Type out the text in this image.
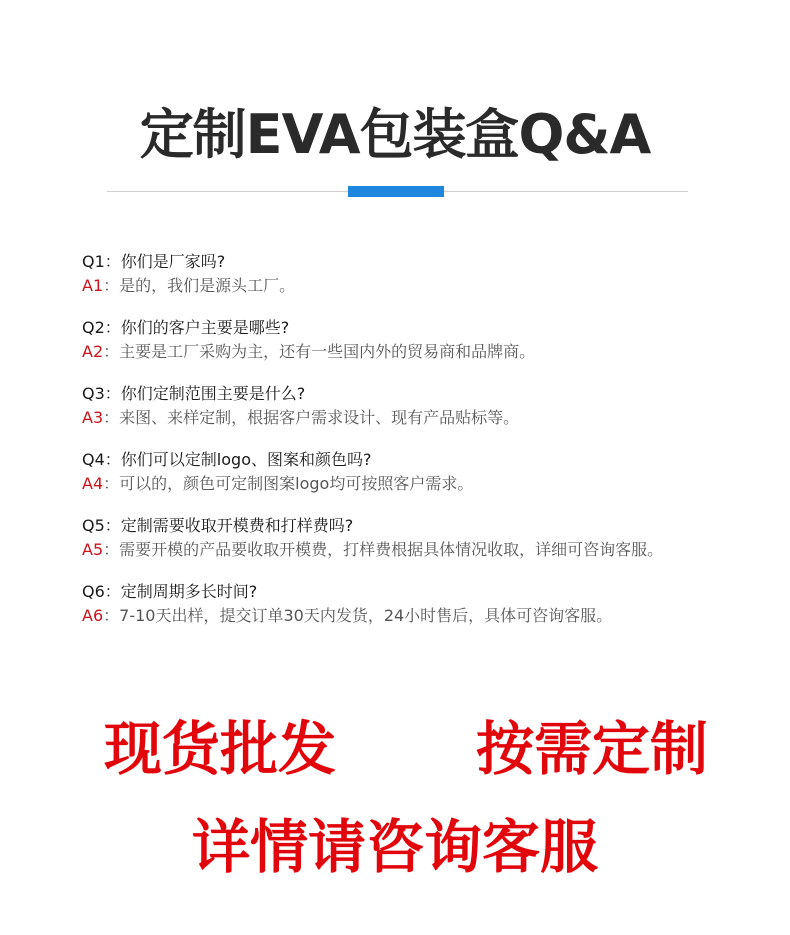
定制EVA包装盒Q&A
Q1：你们是厂家吗?
A1：是的，我们是源头工厂。
Q2：你们的客户主要是哪些?
A2：主要是工厂采购为主，还有一些国内外的贸易商和品牌商。
Q3：你们定制范围主要是什么?
A3：来图、来样定制，根据客户需求设计、现有产品贴标等。
Q4：你们可以定制logo、图案和颜色吗?
A4：可以的，颜色可定制图案logo均可按照客户需求。
Q5：定制需要收取开模费和打样费吗?
A5：需要开模的产品要收取开模费，打样费根据具体情况收取，详细可咨询客服。
Q6：定制周期多长时间?
A6：7-10天出样，提交订单30天内发货，24小时售后，具体可咨询客服。
现货批发 按需定制
详情请咨询客服
